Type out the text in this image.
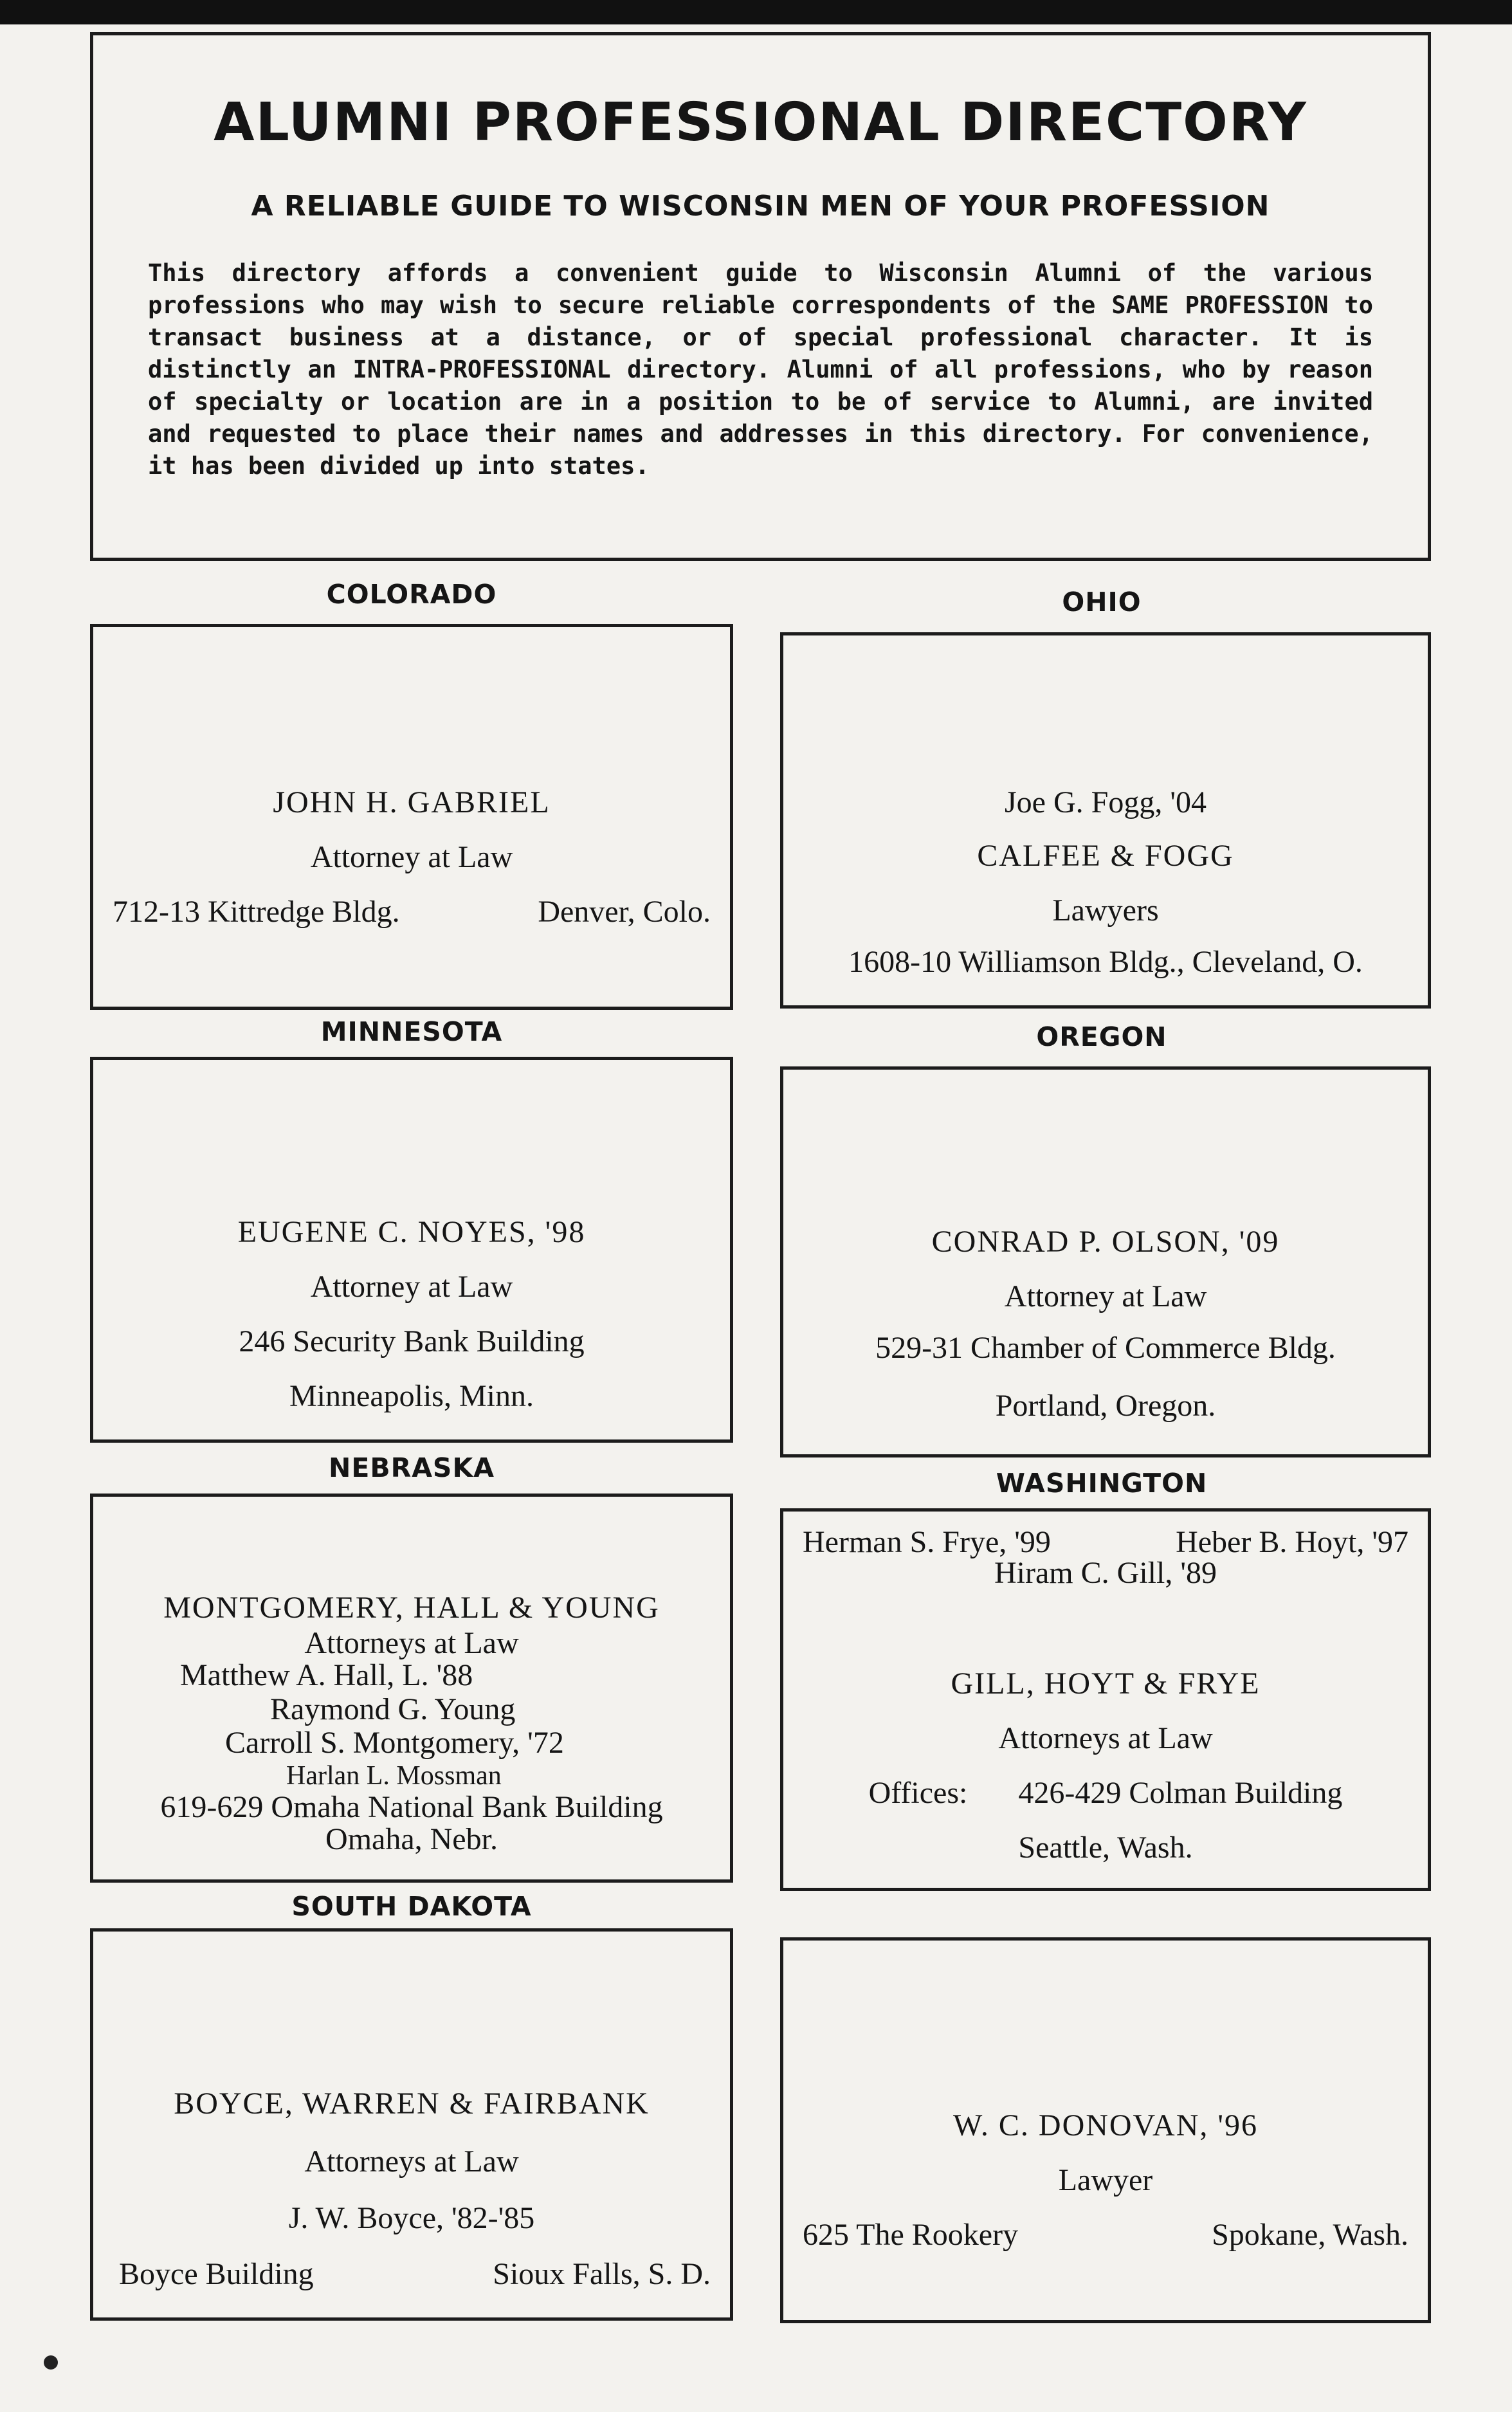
ALUMNI PROFESSIONAL DIRECTORY
A RELIABLE GUIDE TO WISCONSIN MEN OF YOUR PROFESSION
This directory affords a convenient guide to Wisconsin Alumni of the various professions who may wish to secure reliable correspondents of the SAME PROFESSION to transact business at a distance, or of special professional character. It is distinctly an INTRA-PROFESSIONAL directory. Alumni of all professions, who by reason of specialty or location are in a position to be of service to Alumni, are invited and requested to place their names and addresses in this directory. For convenience, it has been divided up into states.
COLORADO	OHIO
MINNESOTA	OREGON
NEBRASKA	WASHINGTON
SOUTH DAKOTA
JOHN H. GABRIEL
Attorney at Law
712-13 Kittredge Bldg.	Denver, Colo.
Joe G. Fogg, '04
CALFEE & FOGG
Lawyers
1608-10 Williamson Bldg., Cleveland, O.
EUGENE C. NOYES, '98
Attorney at Law
246 Security Bank Building
Minneapolis, Minn.
CONRAD P. OLSON, '09
Attorney at Law
529-31 Chamber of Commerce Bldg.
Portland, Oregon.
MONTGOMERY, HALL & YOUNG
Attorneys at Law
Matthew A. Hall, L. '88
Raymond G. Young
Carroll S. Montgomery, '72
Harlan L. Mossman
619-629 Omaha National Bank Building
Omaha, Nebr.
Herman S. Frye, '99	Heber B. Hoyt, '97
Hiram C. Gill, '89
GILL, HOYT & FRYE
Attorneys at Law
Offices: 426-429 Colman Building
Seattle, Wash.
BOYCE, WARREN & FAIRBANK
Attorneys at Law
J. W. Boyce, '82-'85
Boyce Building	Sioux Falls, S. D.
W. C. DONOVAN, '96
Lawyer
625 The Rookery	Spokane, Wash.
